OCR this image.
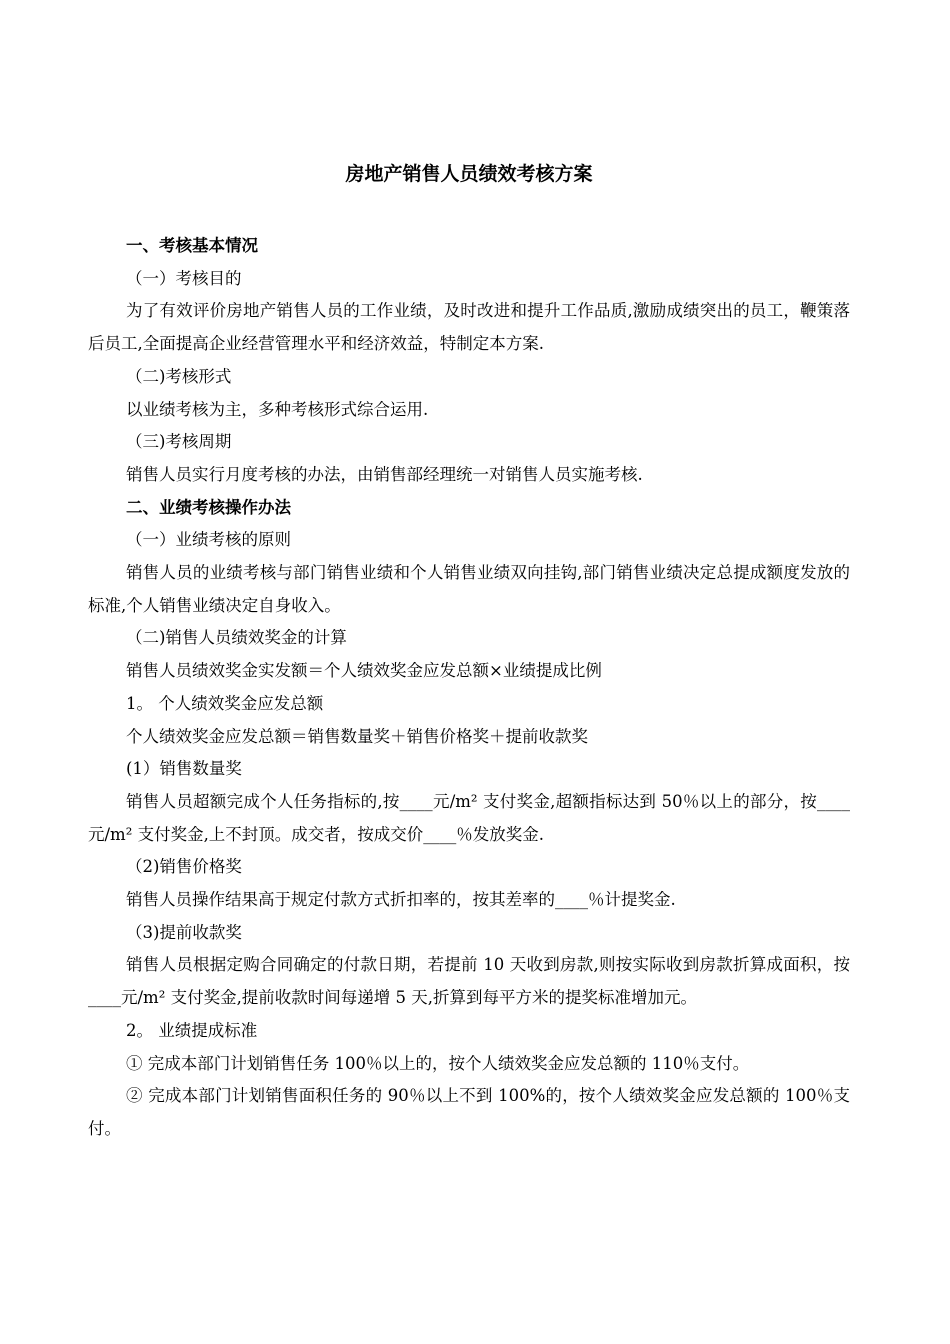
房地产销售人员绩效考核方案

一、考核基本情况

（一）考核目的

为了有效评价房地产销售人员的工作业绩，及时改进和提升工作品质,激励成绩突出的员工，鞭策落后员工,全面提高企业经营管理水平和经济效益，特制定本方案.

（二)考核形式

以业绩考核为主，多种考核形式综合运用.

（三)考核周期

销售人员实行月度考核的办法，由销售部经理统一对销售人员实施考核.

二、业绩考核操作办法

（一）业绩考核的原则

销售人员的业绩考核与部门销售业绩和个人销售业绩双向挂钩,部门销售业绩决定总提成额度发放的标准,个人销售业绩决定自身收入。

（二)销售人员绩效奖金的计算

销售人员绩效奖金实发额＝个人绩效奖金应发总额×业绩提成比例

1。 个人绩效奖金应发总额

个人绩效奖金应发总额＝销售数量奖＋销售价格奖＋提前收款奖

(1）销售数量奖

销售人员超额完成个人任务指标的,按____元/m² 支付奖金,超额指标达到 50％以上的部分，按____元/m² 支付奖金,上不封顶。成交者，按成交价____％发放奖金.

（2)销售价格奖

销售人员操作结果高于规定付款方式折扣率的，按其差率的____％计提奖金.

（3)提前收款奖

销售人员根据定购合同确定的付款日期，若提前 10 天收到房款,则按实际收到房款折算成面积，按____元/m² 支付奖金,提前收款时间每递增 5 天,折算到每平方米的提奖标准增加元。

2。 业绩提成标准

① 完成本部门计划销售任务 100％以上的，按个人绩效奖金应发总额的 110％支付。

② 完成本部门计划销售面积任务的 90％以上不到 100%的，按个人绩效奖金应发总额的 100％支付。
